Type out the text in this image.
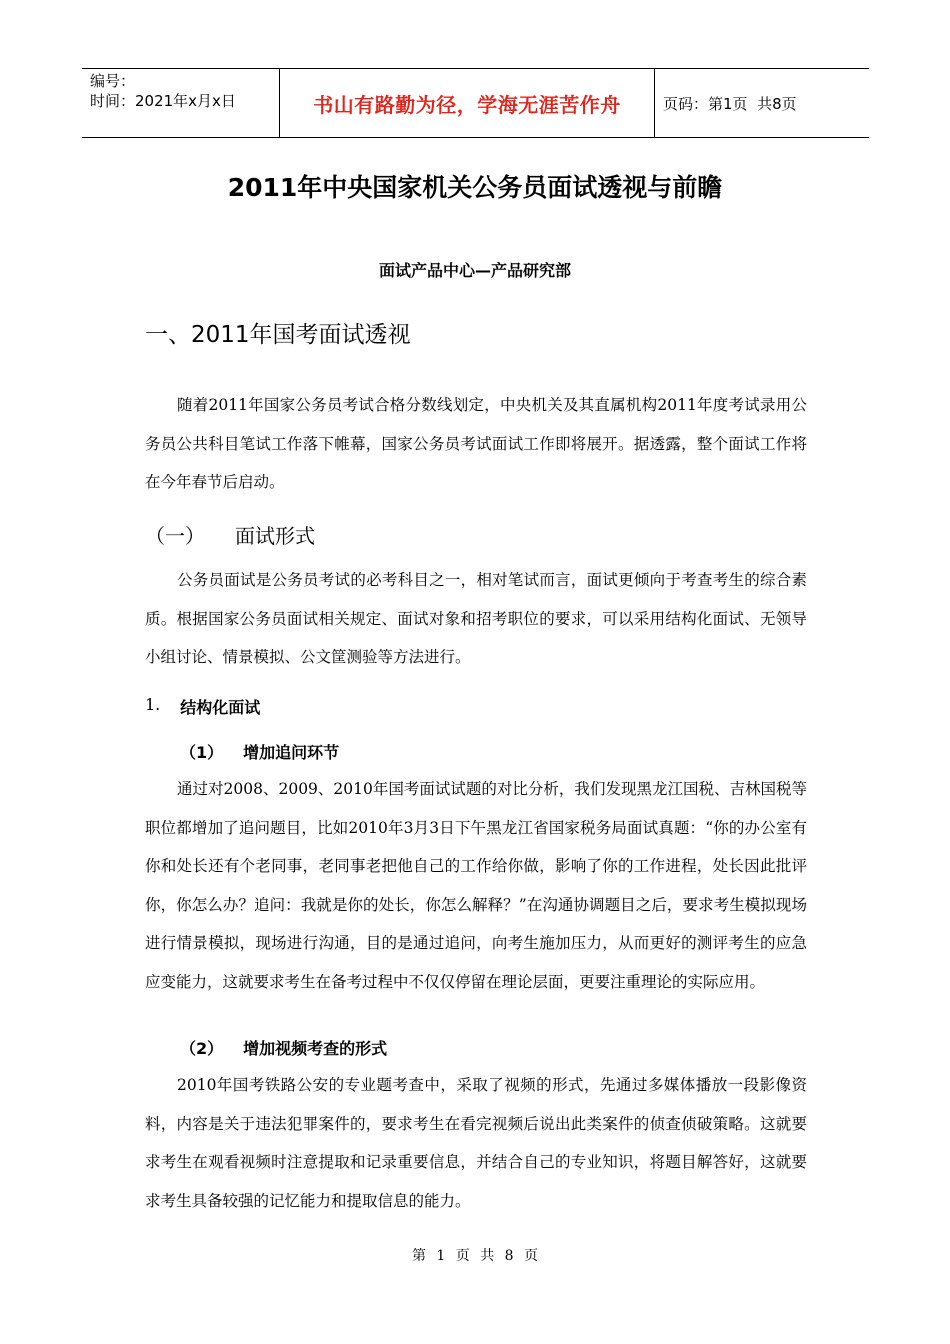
编号：
时间：2021年x月x日	书山有路勤为径，学海无涯苦作舟	页码：第1页  共8页
2011年中央国家机关公务员面试透视与前瞻
面试产品中心—产品研究部
一、2011年国考面试透视
随着2011年国家公务员考试合格分数线划定，中央机关及其直属机构2011年度考试录用公务员公共科目笔试工作落下帷幕，国家公务员考试面试工作即将展开。据透露，整个面试工作将在今年春节后启动。
（一） 面试形式
公务员面试是公务员考试的必考科目之一，相对笔试而言，面试更倾向于考查考生的综合素质。根据国家公务员面试相关规定、面试对象和招考职位的要求，可以采用结构化面试、无领导小组讨论、情景模拟、公文筐测验等方法进行。
1. 结构化面试
（1） 增加追问环节
通过对2008、2009、2010年国考面试试题的对比分析，我们发现黑龙江国税、吉林国税等职位都增加了追问题目，比如2010年3月3日下午黑龙江省国家税务局面试真题：“你的办公室有你和处长还有个老同事，老同事老把他自己的工作给你做，影响了你的工作进程，处长因此批评你，你怎么办？追问：我就是你的处长，你怎么解释？”在沟通协调题目之后，要求考生模拟现场进行情景模拟，现场进行沟通，目的是通过追问，向考生施加压力，从而更好的测评考生的应急应变能力，这就要求考生在备考过程中不仅仅停留在理论层面，更要注重理论的实际应用。
（2） 增加视频考查的形式
2010年国考铁路公安的专业题考查中，采取了视频的形式，先通过多媒体播放一段影像资料，内容是关于违法犯罪案件的，要求考生在看完视频后说出此类案件的侦查侦破策略。这就要求考生在观看视频时注意提取和记录重要信息，并结合自己的专业知识，将题目解答好，这就要求考生具备较强的记忆能力和提取信息的能力。
第 1 页 共 8 页
